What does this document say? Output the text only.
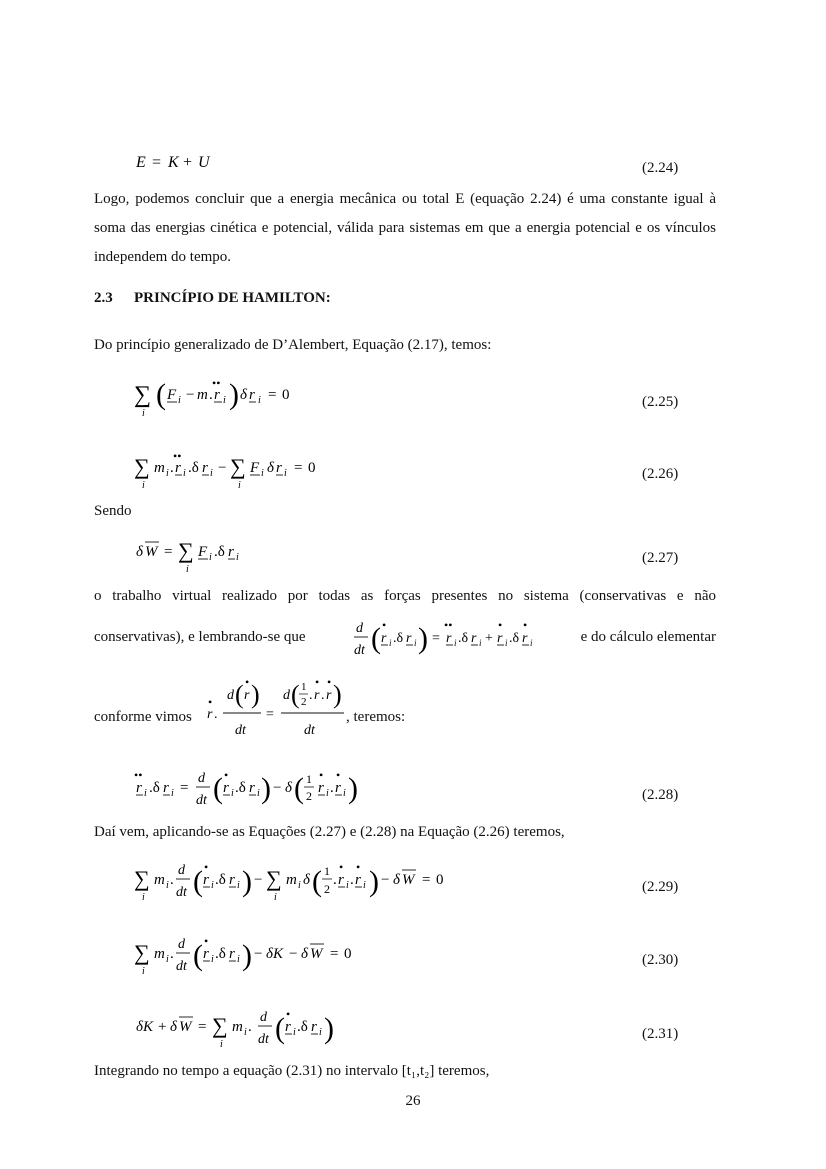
E = K + U	(2.24)

Logo, podemos concluir que a energia mecânica ou total E (equação 2.24) é uma constante igual à soma das energias cinética e potencial, válida para sistemas em que a energia potencial e os vínculos independem do tempo.

2.3 PRINCÍPIO DE HAMILTON:
Do princípio generalizado de D’Alembert, Equação (2.17), temos:
∑
i
( F i − m . r
••
i ) δ r i = 0	(2.25)
∑
i
m i . r
••
i .δ r i − ∑
i
F i δ r i = 0	(2.26)
Sendo
δ W = ∑
i
F i .δ r i	(2.27)
o trabalho virtual realizado por todas as forças presentes no sistema (conservativas e não
conservativas), e lembrando-se que
d
dt ( r
•
i .δ r i ) = r
••
i .δ r i + r
•
i .δ r
•
i	e do cálculo elementar
conforme vimos r
•
.
d ( r
• )
dt
=
d ( 1
2 . r
•
. r
• )
dt
, teremos:
r
••
i .δ r i =
d
dt ( r
•
i .δ r i ) − δ ( 1
2 r
•
i . r
•
i )	(2.28)
Daí vem, aplicando-se as Equações (2.27) e (2.28) na Equação (2.26) teremos,
∑
i
m i .
d
dt ( r
•
i .δ r i ) − ∑
i
m i δ ( 1
2
. r
•
i . r
•
i ) − δ W = 0	(2.29)
∑
i
m i .
d
dt ( r
•
i .δ r i ) − δK − δ W = 0	(2.30)
δK + δ W = ∑
i
m i .
d
dt ( r
•
i .δ r i )	(2.31)
Integrando no tempo a equação (2.31) no intervalo [t₁,t₂] teremos,
26
